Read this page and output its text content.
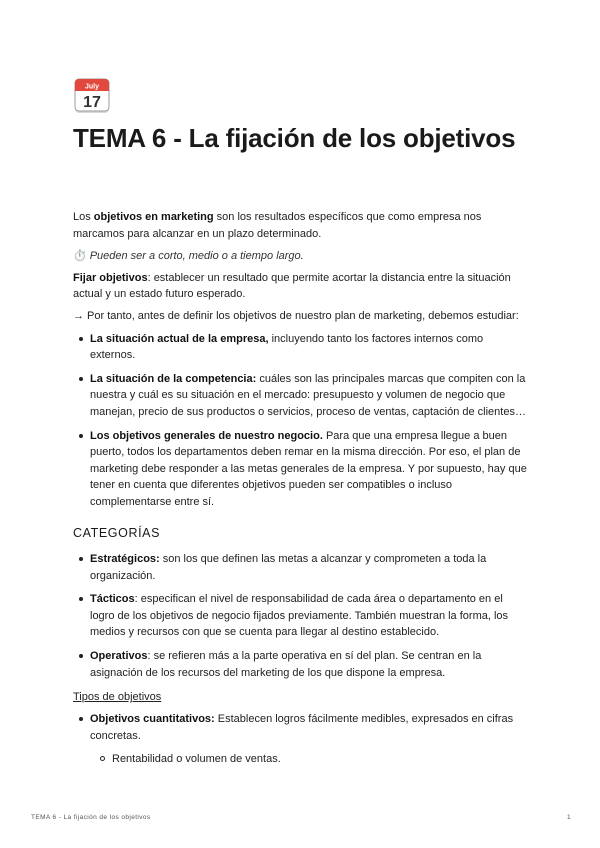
July
17
TEMA 6 - La fijación de los objetivos

Los objetivos en marketing son los resultados específicos que como empresa nos marcamos para alcanzar en un plazo determinado.

⏱️ Pueden ser a corto, medio o a tiempo largo.

Fijar objetivos: establecer un resultado que permite acortar la distancia entre la situación actual y un estado futuro esperado.

→ Por tanto, antes de definir los objetivos de nuestro plan de marketing, debemos estudiar:

La situación actual de la empresa, incluyendo tanto los factores internos como externos.
La situación de la competencia: cuáles son las principales marcas que compiten con la nuestra y cuál es su situación en el mercado: presupuesto y volumen de negocio que manejan, precio de sus productos o servicios, proceso de ventas, captación de clientes…
Los objetivos generales de nuestro negocio. Para que una empresa llegue a buen puerto, todos los departamentos deben remar en la misma dirección. Por eso, el plan de marketing debe responder a las metas generales de la empresa. Y por supuesto, hay que tener en cuenta que diferentes objetivos pueden ser compatibles o incluso complementarse entre sí.
CATEGORÍAS
Estratégicos: son los que definen las metas a alcanzar y comprometen a toda la organización.
Tácticos: especifican el nivel de responsabilidad de cada área o departamento en el logro de los objetivos de negocio fijados previamente. También muestran la forma, los medios y recursos con que se cuenta para llegar al destino establecido.
Operativos: se refieren más a la parte operativa en sí del plan. Se centran en la asignación de los recursos del marketing de los que dispone la empresa.

Tipos de objetivos

Objetivos cuantitativos: Establecen logros fácilmente medibles, expresados en cifras concretas.
Rentabilidad o volumen de ventas.
TEMA 6 - La fijación de los objetivos	1
